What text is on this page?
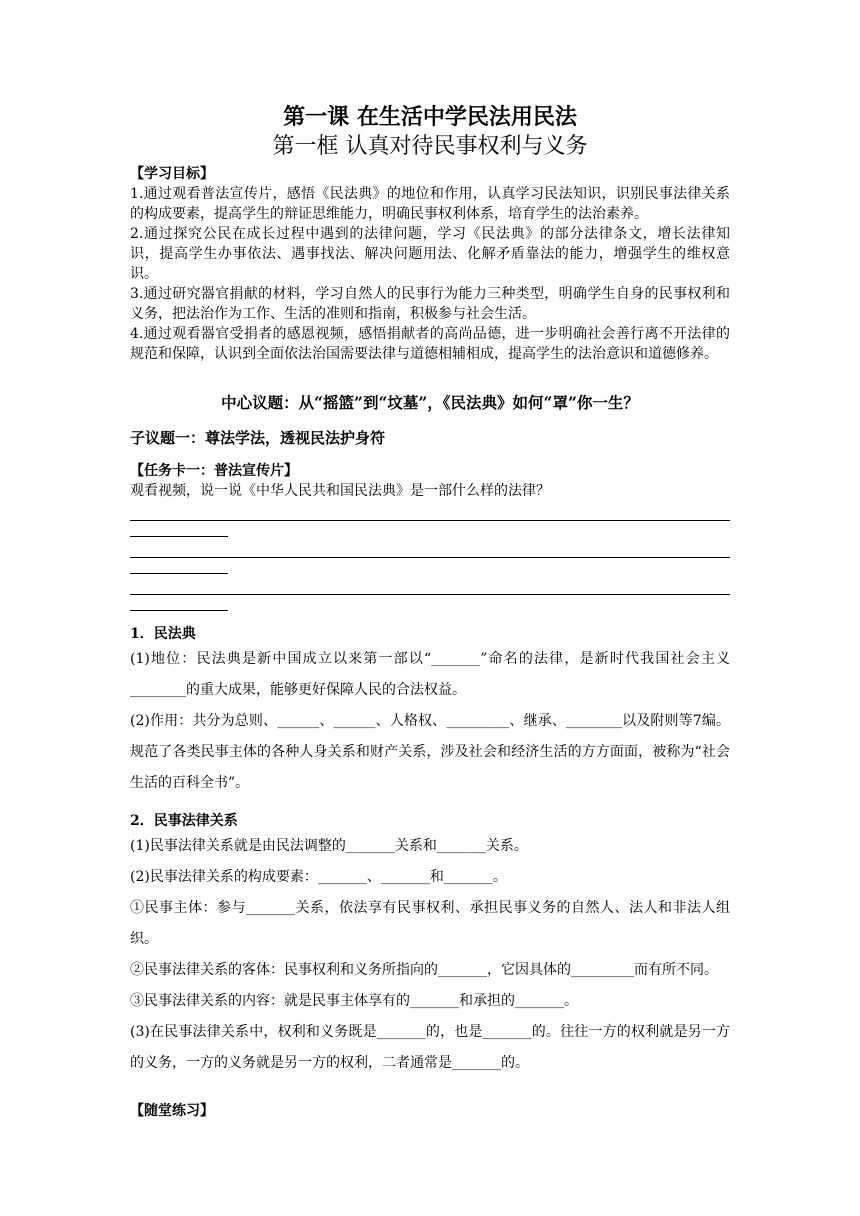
第一课 在生活中学民法用民法
第一框 认真对待民事权利与义务
【学习目标】
1.通过观看普法宣传片，感悟《民法典》的地位和作用，认真学习民法知识，识别民事法律关系的构成要素，提高学生的辩证思维能力，明确民事权利体系，培育学生的法治素养。
2.通过探究公民在成长过程中遇到的法律问题，学习《民法典》的部分法律条文，增长法律知识，提高学生办事依法、遇事找法、解决问题用法、化解矛盾靠法的能力，增强学生的维权意识。
3.通过研究器官捐献的材料，学习自然人的民事行为能力三种类型，明确学生自身的民事权利和义务，把法治作为工作、生活的准则和指南，积极参与社会生活。
4.通过观看器官受捐者的感恩视频，感悟捐献者的高尚品德，进一步明确社会善行离不开法律的规范和保障，认识到全面依法治国需要法律与道德相辅相成，提高学生的法治意识和道德修养。
中心议题：从“摇篮”到“坟墓”，《民法典》如何“罩”你一生？
子议题一：尊法学法，透视民法护身符
【任务卡一：普法宣传片】
观看视频，说一说《中华人民共和国民法典》是一部什么样的法律？
1．民法典
(1)地位：民法典是新中国成立以来第一部以“_______”命名的法律，是新时代我国社会主义________的重大成果，能够更好保障人民的合法权益。
(2)作用：共分为总则、______、______、人格权、_________、继承、________以及附则等7编。规范了各类民事主体的各种人身关系和财产关系，涉及社会和经济生活的方方面面，被称为“社会生活的百科全书”。
2．民事法律关系
(1)民事法律关系就是由民法调整的_______关系和_______关系。
(2)民事法律关系的构成要素：_______、_______和_______。
①民事主体：参与_______关系，依法享有民事权利、承担民事义务的自然人、法人和非法人组织。
②民事法律关系的客体：民事权利和义务所指向的_______，它因具体的_________而有所不同。
③民事法律关系的内容：就是民事主体享有的_______和承担的_______。
(3)在民事法律关系中，权利和义务既是_______的，也是_______的。往往一方的权利就是另一方的义务，一方的义务就是另一方的权利，二者通常是_______的。
【随堂练习】
